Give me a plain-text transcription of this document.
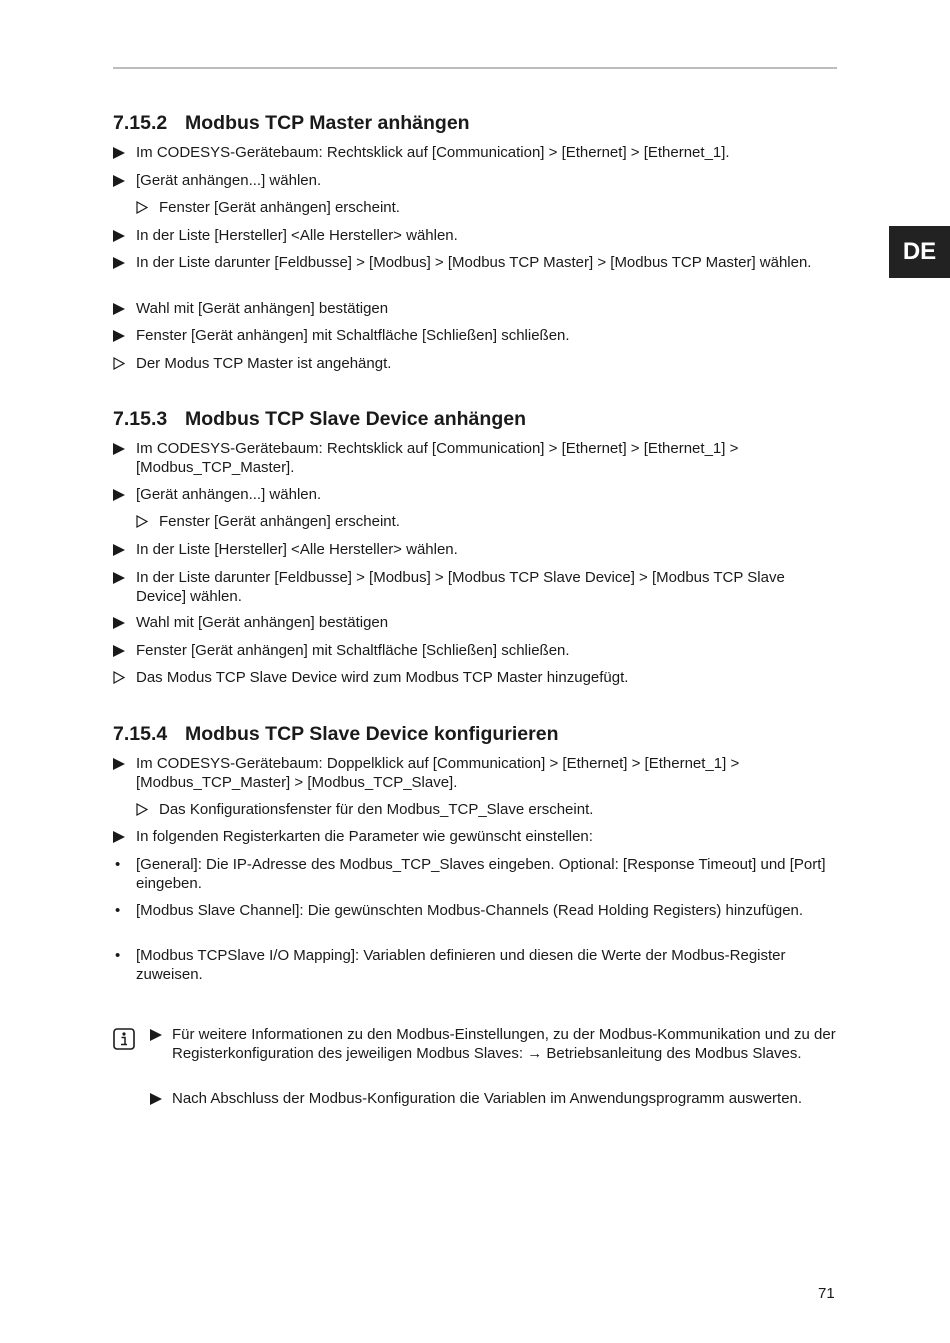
DE
7.15.2 Modbus TCP Master anhängen
Im CODESYS-Gerätebaum: Rechtsklick auf [Communication] > [Ethernet] > [Ethernet_1].
[Gerät anhängen...] wählen.
Fenster [Gerät anhängen] erscheint.
In der Liste [Hersteller] <Alle Hersteller> wählen.
In der Liste darunter [Feldbusse] > [Modbus] > [Modbus TCP Master] > [Modbus TCP Master] wählen.
Wahl mit [Gerät anhängen] bestätigen
Fenster [Gerät anhängen] mit Schaltfläche [Schließen] schließen.
Der Modus TCP Master ist angehängt.
7.15.3 Modbus TCP Slave Device anhängen
Im CODESYS-Gerätebaum: Rechtsklick auf [Communication] > [Ethernet] > [Ethernet_1] > [Modbus_TCP_Master].
[Gerät anhängen...] wählen.
Fenster [Gerät anhängen] erscheint.
In der Liste [Hersteller] <Alle Hersteller> wählen.
In der Liste darunter [Feldbusse] > [Modbus] > [Modbus TCP Slave Device] > [Modbus TCP Slave Device] wählen.
Wahl mit [Gerät anhängen] bestätigen
Fenster [Gerät anhängen] mit Schaltfläche [Schließen] schließen.
Das Modus TCP Slave Device wird zum Modbus TCP Master hinzugefügt.
7.15.4 Modbus TCP Slave Device konfigurieren
Im CODESYS-Gerätebaum: Doppelklick auf [Communication] > [Ethernet] > [Ethernet_1] > [Modbus_TCP_Master] > [Modbus_TCP_Slave].
Das Konfigurationsfenster für den Modbus_TCP_Slave erscheint.
In folgenden Registerkarten die Parameter wie gewünscht einstellen:
•	[General]: Die IP-Adresse des Modbus_TCP_Slaves eingeben. Optional: [Response Timeout] und [Port] eingeben.
•	[Modbus Slave Channel]: Die gewünschten Modbus-Channels (Read Holding Registers) hinzufügen.
•	[Modbus TCPSlave I/O Mapping]: Variablen definieren und diesen die Werte der Modbus-Register zuweisen.
Für weitere Informationen zu den Modbus-Einstellungen, zu der Modbus-Kommunikation und zu der Registerkonfiguration des jeweiligen Modbus Slaves: → Betriebsanleitung des Modbus Slaves.
Nach Abschluss der Modbus-Konfiguration die Variablen im Anwendungsprogramm auswerten.
71
